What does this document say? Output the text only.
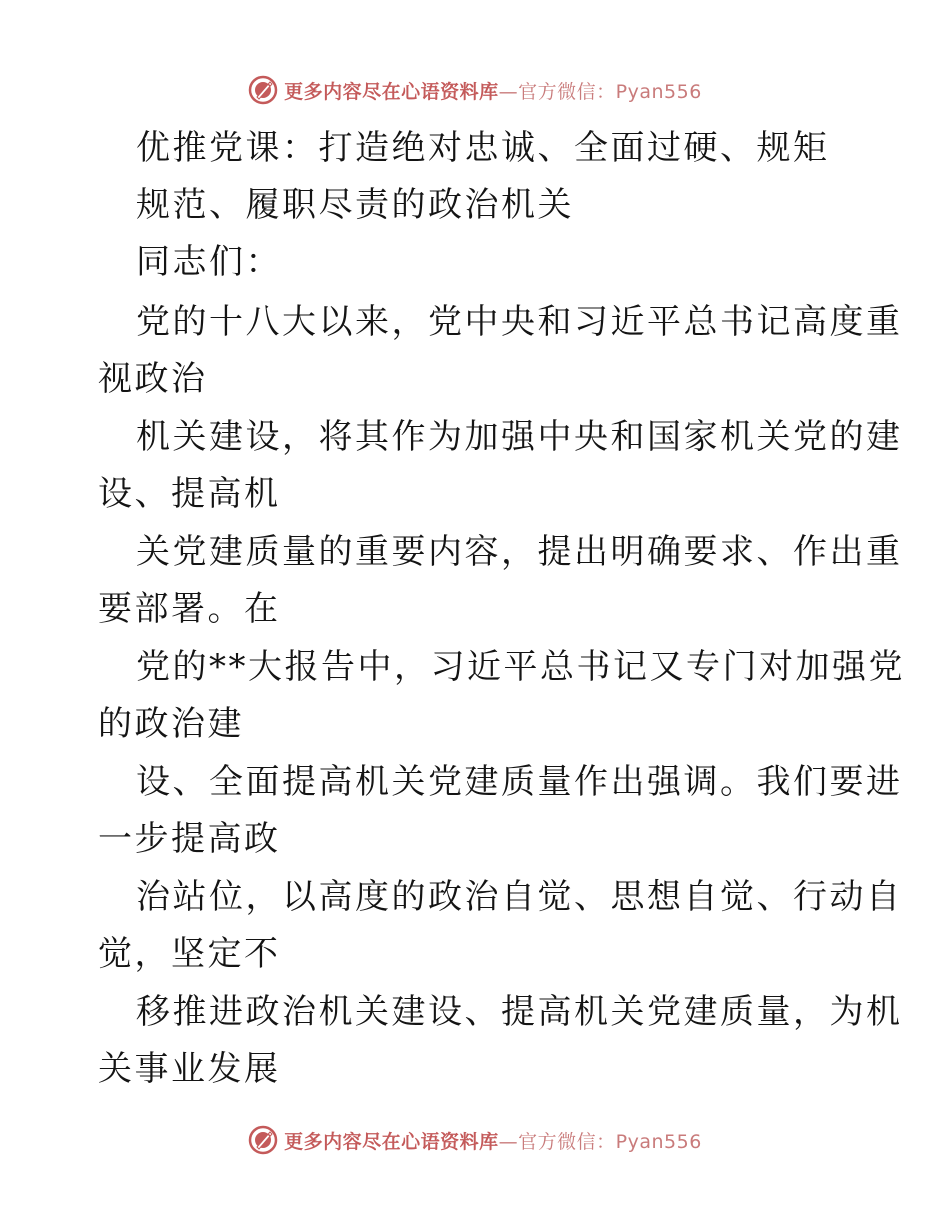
更多内容尽在心语资料库—官方微信：Pyan556
优推党课：打造绝对忠诚、全面过硬、规矩
规范、履职尽责的政治机关
同志们：
党的十八大以来，党中央和习近平总书记高度重
视政治
机关建设，将其作为加强中央和国家机关党的建
设、提高机
关党建质量的重要内容，提出明确要求、作出重
要部署。在
党的**大报告中，习近平总书记又专门对加强党
的政治建
设、全面提高机关党建质量作出强调。我们要进
一步提高政
治站位，以高度的政治自觉、思想自觉、行动自
觉，坚定不
移推进政治机关建设、提高机关党建质量，为机
关事业发展
更多内容尽在心语资料库—官方微信：Pyan556
